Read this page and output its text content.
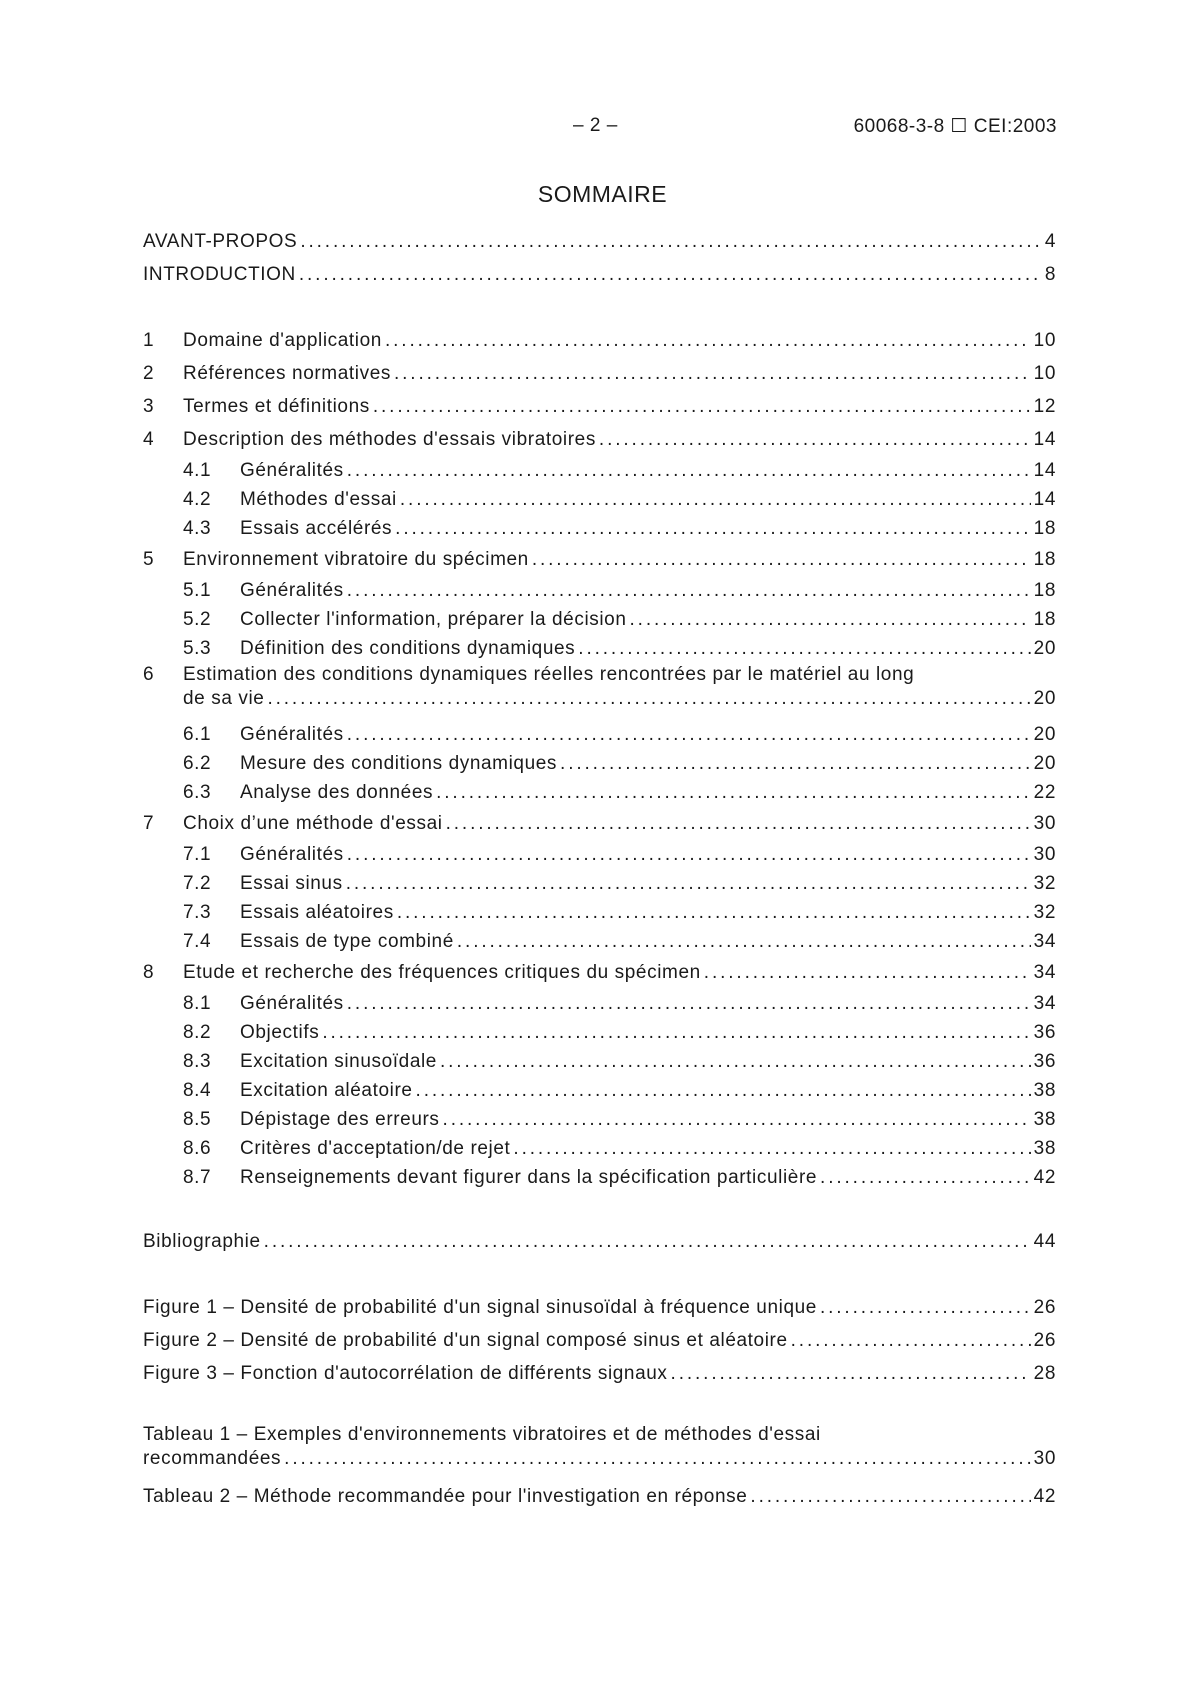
– 2 –	60068-3-8 ☐ CEI:2003
SOMMAIRE
AVANT-PROPOS . . .	4
INTRODUCTION . . .	8
1	Domaine d'application . . .	10
2	Références normatives . . .	10
3	Termes et définitions . . .	12
4	Description des méthodes d'essais vibratoires . . .	14
4.1	Généralités . . .	14
4.2	Méthodes d'essai . . .	14
4.3	Essais accélérés . . .	18
5	Environnement vibratoire du spécimen . . .	18
5.1	Généralités . . .	18
5.2	Collecter l'information, préparer la décision . . .	18
5.3	Définition des conditions dynamiques . . .	20
6 Estimation des conditions dynamiques réelles rencontrées par le matériel au long
de sa vie . . .	20
6.1	Généralités . . .	20
6.2	Mesure des conditions dynamiques . . .	20
6.3	Analyse des données . . .	22
7	Choix d’une méthode d'essai . . .	30
7.1	Généralités . . .	30
7.2	Essai sinus . . .	32
7.3	Essais aléatoires . . .	32
7.4	Essais de type combiné . . .	34
8	Etude et recherche des fréquences critiques du spécimen . . .	34
8.1	Généralités . . .	34
8.2	Objectifs . . .	36
8.3	Excitation sinusoïdale . . .	36
8.4	Excitation aléatoire . . .	38
8.5	Dépistage des erreurs . . .	38
8.6	Critères d'acceptation/de rejet . . .	38
8.7	Renseignements devant figurer dans la spécification particulière . . .	42
Bibliographie . . .	44
Figure 1 – Densité de probabilité d'un signal sinusoïdal à fréquence unique . . .	26
Figure 2 – Densité de probabilité d'un signal composé sinus et aléatoire . . .	26
Figure 3 – Fonction d'autocorrélation de différents signaux . . .	28
Tableau 1 – Exemples d'environnements vibratoires et de méthodes d'essai
recommandées . . .	30
Tableau 2 – Méthode recommandée pour l'investigation en réponse . . .	42
